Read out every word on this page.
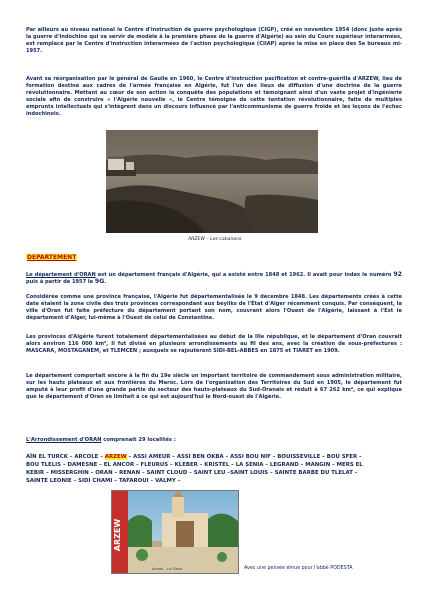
Par ailleurs au niveau national le Centre d'instruction de guerre psychologique (CIGP), créé en novembre 1954 (donc juste après la guerre d'Indochine qui va servir de modèle à la première phase de la guerre d'Algérie) au sein du Cours supérieur interarmées, est remplacé par le Centre d'instruction interarmées de l'action psychologique (CIIAP) après la mise en place des 5e bureaux mi-1957.

Avant sa réorganisation par le général de Gaulle en 1960, le Centre d'instruction pacification et contre-guérilla d'ARZEW, lieu de formation destiné aux cadres de l'armée française en Algérie, fut l'un des lieux de diffusion d'une doctrine de la guerre révolutionnaire. Mettant au cœur de son action la conquête des populations et témoignant ainsi d'un vaste projet d'ingénierie sociale afin de construire « l'Algérie nouvelle », le Centre témoigne de cette tentation révolutionnaire, faite de multiples emprunts intellectuels qui s'intègrent dans un discours influencé par l'anticommunisme de guerre froide et les leçons de l'échec indochinois.

ARZEW – Les cabanons
DEPARTEMENT

Le département d'ORAN est un département français d'Algérie, qui a existé entre 1848 et 1962. Il avait pour index le numéro 92 puis à partir de 1957 le 9G.

Considérée comme une province française, l'Algérie fut départementalisée le 9 décembre 1848. Les départements créés à cette date étaient la zone civile des trois provinces correspondant aux beyliks de l'État d'Alger récemment conquis. Par conséquent, la ville d'Oran fut faite préfecture du département portant son nom, couvrant alors l'Ouest de l'Algérie, laissant à l'Est le département d'Alger, lui-même à l'Ouest de celui de Constantine.

Les provinces d'Algérie furent totalement départementalisées au début de la IIIe république, et le département d'Oran couvrait alors environ 116 000 km², Il fut divisé en plusieurs arrondissements au fil des ans, avec la création de sous-préfectures : MASCARA, MOSTAGANEM, et TLEMCEN ; auxquels se rajoutèrent SIDI-BEL-ABBES en 1875 et TIARET en 1909.

Le département comportait encore à la fin du 19e siècle un important territoire de commandement sous administration militaire, sur les hauts plateaux et aux frontières du Maroc. Lors de l'organisation des Territoires du Sud en 1905, le département fut amputé à leur profit d'une grande partie du secteur des hauts-plateaux du Sud-Oranais et réduit à 67 262 km², ce qui explique que le département d'Oran se limitait à ce qui est aujourd'hui le Nord-ouest de l'Algérie.

L'Arrondissement d'ORAN comprenait 29 localités :
AÏN EL TURCK – ARCOLE – ARZEW – ASSI AMEUR – ASSI BEN OKBA – ASSI BOU NIF – BOUISSEVILLE – BOU SFER –
BOU TLELIS – DAMESNE – EL ANCOR – FLEURUS – KLEBER – KRISTEL – LA SENIA – LEGRAND – MANGIN – MERS EL
KEBIR – MISSERGHIN – ORAN – RENAN – SAINT CLOUD – SAINT LEU –SAINT LOUIS – SAINTE BARBE DU TLELAT –
SAINTE LEONIE – SIDI CHAMI – TAFAROUI – VALMY –
ARZEW
Arzew – La Place	Avec une pensée émue pour l'abbé PODESTA
